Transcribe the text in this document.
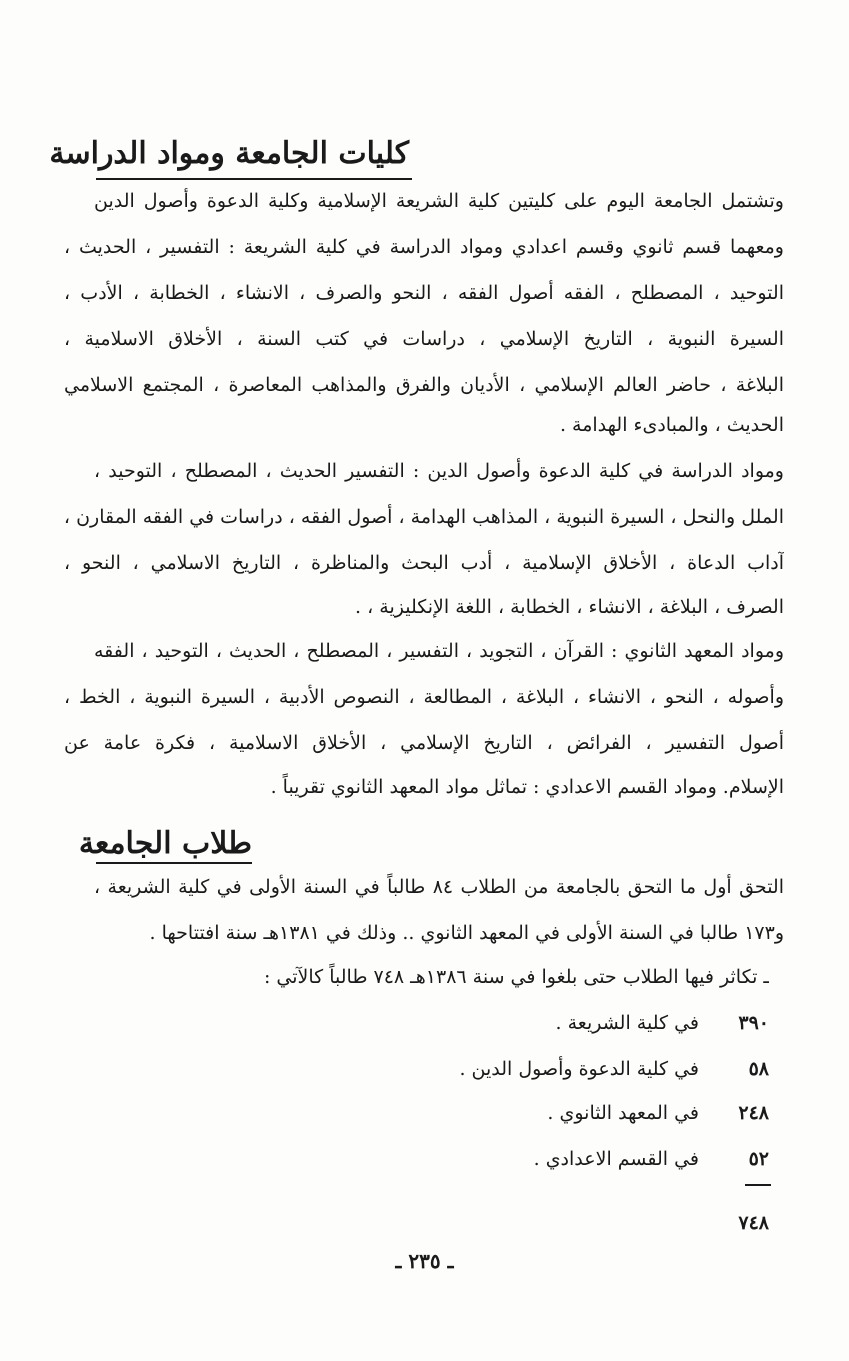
كليات الجامعة ومواد الدراسة
وتشتمل الجامعة اليوم على كليتين كلية الشريعة الإسلامية وكلية الدعوة وأصول الدين
ومعهما قسم ثانوي وقسم اعدادي ومواد الدراسة في كلية الشريعة : التفسير ، الحديث ،
التوحيد ، المصطلح ، الفقه أصول الفقه ، النحو والصرف ، الانشاء ، الخطابة ، الأدب ،
السيرة النبوية ، التاريخ الإسلامي ، دراسات في كتب السنة ، الأخلاق الاسلامية ،
البلاغة ، حاضر العالم الإسلامي ، الأديان والفرق والمذاهب المعاصرة ، المجتمع الاسلامي
الحديث ، والمبادىء الهدامة .
ومواد الدراسة في كلية الدعوة وأصول الدين : التفسير الحديث ، المصطلح ، التوحيد ،
الملل والنحل ، السيرة النبوية ، المذاهب الهدامة ، أصول الفقه ، دراسات في الفقه المقارن ،
آداب الدعاة ، الأخلاق الإسلامية ، أدب البحث والمناظرة ، التاريخ الاسلامي ، النحو ،
الصرف ، البلاغة ، الانشاء ، الخطابة ، اللغة الإنكليزية ، .
ومواد المعهد الثانوي : القرآن ، التجويد ، التفسير ، المصطلح ، الحديث ، التوحيد ، الفقه
وأصوله ، النحو ، الانشاء ، البلاغة ، المطالعة ، النصوص الأدبية ، السيرة النبوية ، الخط ،
أصول التفسير ، الفرائض ، التاريخ الإسلامي ، الأخلاق الاسلامية ، فكرة عامة عن
الإسلام. ومواد القسم الاعدادي : تماثل مواد المعهد الثانوي تقريباً .
طلاب الجامعة
التحق أول ما التحق بالجامعة من الطلاب ٨٤ طالباً في السنة الأولى في كلية الشريعة ،
و١٧٣ طالبا في السنة الأولى في المعهد الثانوي .. وذلك في ١٣٨١هـ سنة افتتاحها .
ـ تكاثر فيها الطلاب حتى بلغوا في سنة ١٣٨٦هـ ٧٤٨ طالباً كالآتي :
٣٩٠
في كلية الشريعة .
٥٨
في كلية الدعوة وأصول الدين .
٢٤٨
في المعهد الثانوي .
٥٢
في القسم الاعدادي .
٧٤٨
ـ ٢٣٥ ـ
